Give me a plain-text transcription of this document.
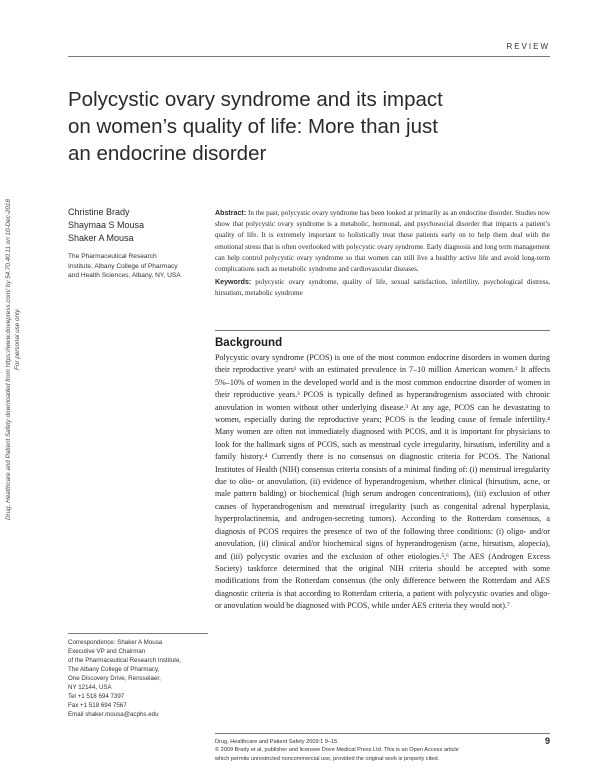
REVIEW
Polycystic ovary syndrome and its impact
on women’s quality of life: More than just
an endocrine disorder
Drug, Healthcare and Patient Safety downloaded from https://www.dovepress.com/ by 54.70.40.11 on 10-Dec-2018 For personal use only.
Christine Brady
Shaymaa S Mousa
Shaker A Mousa
The Pharmaceutical Research
Institute, Albany College of Pharmacy
and Health Sciences, Albany, NY, USA
Abstract: In the past, polycystic ovary syndrome has been looked at primarily as an endocrine disorder. Studies now show that polycystic ovary syndrome is a metabolic, hormonal, and psychosocial disorder that impacts a patient’s quality of life. It is extremely important to holistically treat these patients early on to help them deal with the emotional stress that is often overlooked with polycystic ovary syndrome. Early diagnosis and long term management can help control polycystic ovary syndrome so that women can still live a healthy active life and avoid long-term complications such as metabolic syndrome and cardiovascular diseases.
Keywords: polycystic ovary syndrome, quality of life, sexual satisfaction, infertility, psychological distress, hirsutism, metabolic syndrome
Background

Polycystic ovary syndrome (PCOS) is one of the most common endocrine disorders in women during their reproductive years¹ with an estimated prevalence in 7–10 million American women.² It affects 5%–10% of women in the developed world and is the most common endocrine disorder of women in their reproductive years.³ PCOS is typically defined as hyperandrogenism associated with chronic anovulation in women without other underlying disease.³ At any age, PCOS can be devastating to women, especially during the reproductive years; PCOS is the leading cause of female infertility.⁴ Many women are often not immediately diagnosed with PCOS, and it is important for physicians to look for the hallmark signs of PCOS, such as menstrual cycle irregularity, hirsutism, infertility and a family history.⁴ Currently there is no consensus on diagnostic criteria for PCOS. The National Institutes of Health (NIH) consensus criteria consists of a minimal finding of: (i) menstrual irregularity due to olio- or anovulation, (ii) evidence of hyperandrogenism, whether clinical (hirsutism, acne, or male pattern balding) or biochemical (high serum androgen concentrations), (iii) exclusion of other causes of hyperandrogenism and menstrual irregularity (such as congenital adrenal hyperplasia, hyperprolactinemia, and androgen-secreting tumors). According to the Rotterdam consensus, a diagnosis of PCOS requires the presence of two of the following three conditions: (i) oligo- and/or anovulation, (ii) clinical and/or biochemical signs of hyperandrogenism (acne, hirsutism, alopecia), and (iii) polycystic ovaries and the exclusion of other etiologies.⁵,⁶ The AES (Androgen Excess Society) taskforce determined that the original NIH criteria should be accepted with some modifications from the Rotterdam consensus (the only difference between the Rotterdam and AES diagnostic criteria is that according to Rotterdam criteria, a patient with polycystic ovaries and oligo- or anovulation would be diagnosed with PCOS, while under AES criteria they would not).⁷

Correspondence: Shaker A Mousa
Executive VP and Chairman
of the Pharmaceutical Research Institute,
The Albany College of Pharmacy,
One Discovery Drive, Rensselaer,
NY 12144, USA
Tel +1 518 694 7397
Fax +1 518 694 7567
Email shaker.mousa@acphs.edu
Drug, Healthcare and Patient Safety 2009:1 9–15
© 2009 Brady et al, publisher and licensee Dove Medical Press Ltd. This is an Open Access article
which permits unrestricted noncommercial use, provided the original work is properly cited.
9
